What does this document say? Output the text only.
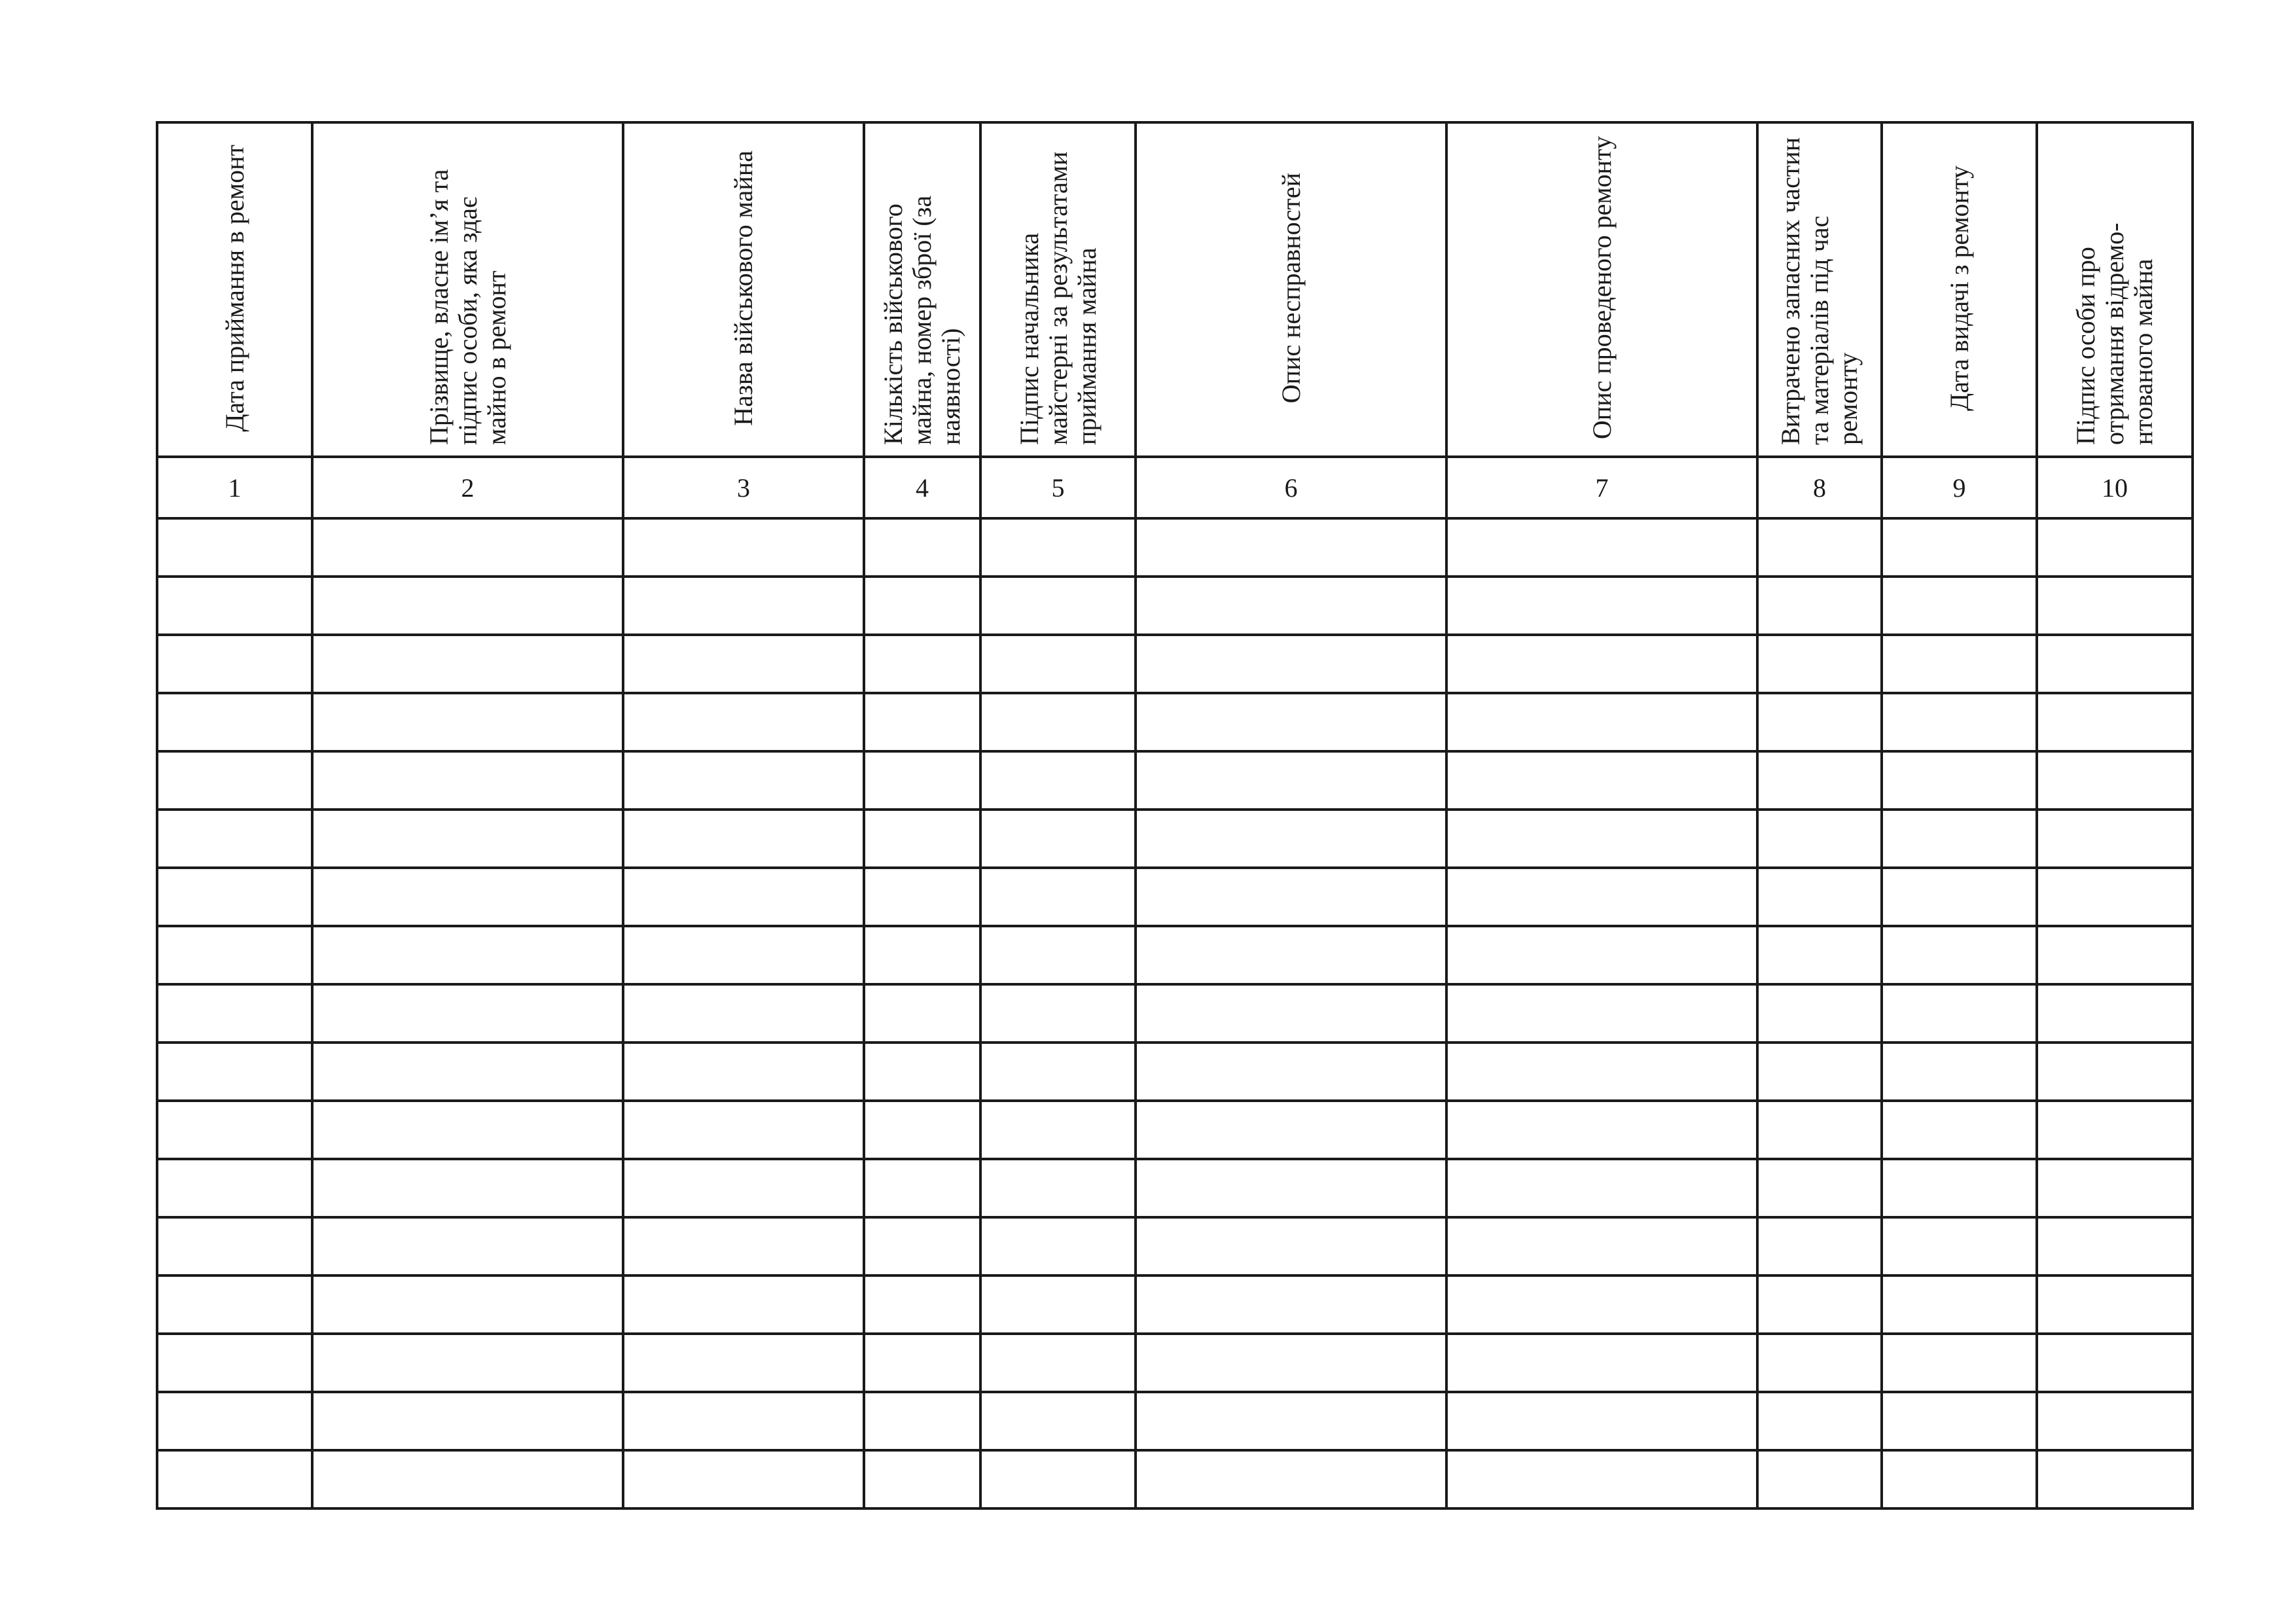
Дата приймання в ремонт	Прізвище, власне ім’я та підпис особи, яка здає майно в ремонт	Назва військового майна	Кількість військового майна, номер зброї (за наявності)	Підпис начальника майстерні за результатами приймання майна	Опис несправностей	Опис проведеного ремонту	Витрачено запасних частин та матеріалів під час ремонту	Дата видачі з ремонту	Підпис особи про отримання відремо-нтованого майна
1	2	3	4	5	6	7	8	9	10
